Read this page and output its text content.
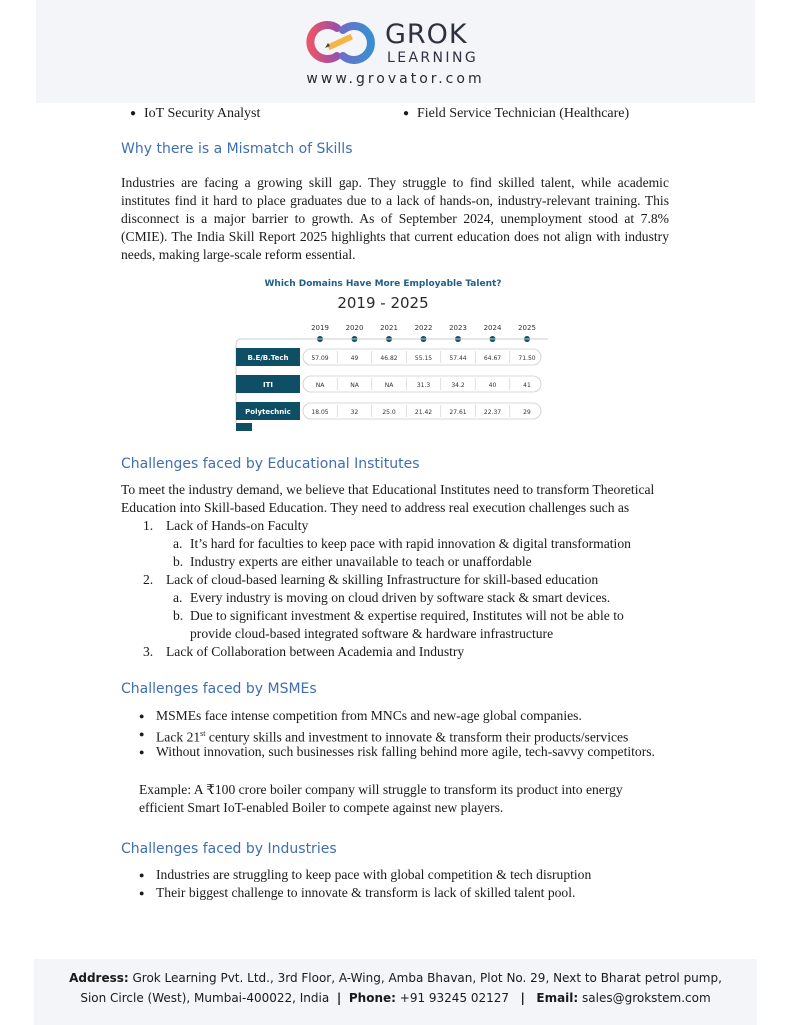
GROK
LEARNING
www.grovator.com
● IoT Security Analyst	● Field Service Technician (Healthcare)
Why there is a Mismatch of Skills

Industries are facing a growing skill gap. They struggle to find skilled talent, while academic institutes find it hard to place graduates due to a lack of hands-on, industry-relevant training. This disconnect is a major barrier to growth. As of September 2024, unemployment stood at 7.8% (CMIE). The India Skill Report 2025 highlights that current education does not align with industry needs, making large-scale reform essential.

Which Domains Have More Employable Talent?
2019 - 2025
2019 2020 2021 2022 2023 2024 2025
B.E/B.Tech	57.09	49	46.82	55.15	57.44	64.67	71.50
ITI	NA	NA	NA	31.3	34.2	40	41
Polytechnic	18.05	32	25.0	21.42	27.61	22.37	29
Challenges faced by Educational Institutes

To meet the industry demand, we believe that Educational Institutes need to transform Theoretical

Education into Skill-based Education. They need to address real execution challenges such as

1. Lack of Hands-on Faculty
a. It’s hard for faculties to keep pace with rapid innovation & digital transformation
b. Industry experts are either unavailable to teach or unaffordable
2. Lack of cloud-based learning & skilling Infrastructure for skill-based education
a. Every industry is moving on cloud driven by software stack & smart devices.
b. Due to significant investment & expertise required, Institutes will not be able to
provide cloud-based integrated software & hardware infrastructure
3. Lack of Collaboration between Academia and Industry
Challenges faced by MSMEs
● MSMEs face intense competition from MNCs and new-age global companies.
● Lack 21st century skills and investment to innovate & transform their products/services
● Without innovation, such businesses risk falling behind more agile, tech-savvy competitors.

Example: A ₹100 crore boiler company will struggle to transform its product into energy

efficient Smart IoT-enabled Boiler to compete against new players.

Challenges faced by Industries
● Industries are struggling to keep pace with global competition & tech disruption
● Their biggest challenge to innovate & transform is lack of skilled talent pool.
Address: Grok Learning Pvt. Ltd., 3rd Floor, A-Wing, Amba Bhavan, Plot No. 29, Next to Bharat petrol pump,
Sion Circle (West), Mumbai-400022, India | Phone: +91 93245 02127 | Email: sales@grokstem.com
